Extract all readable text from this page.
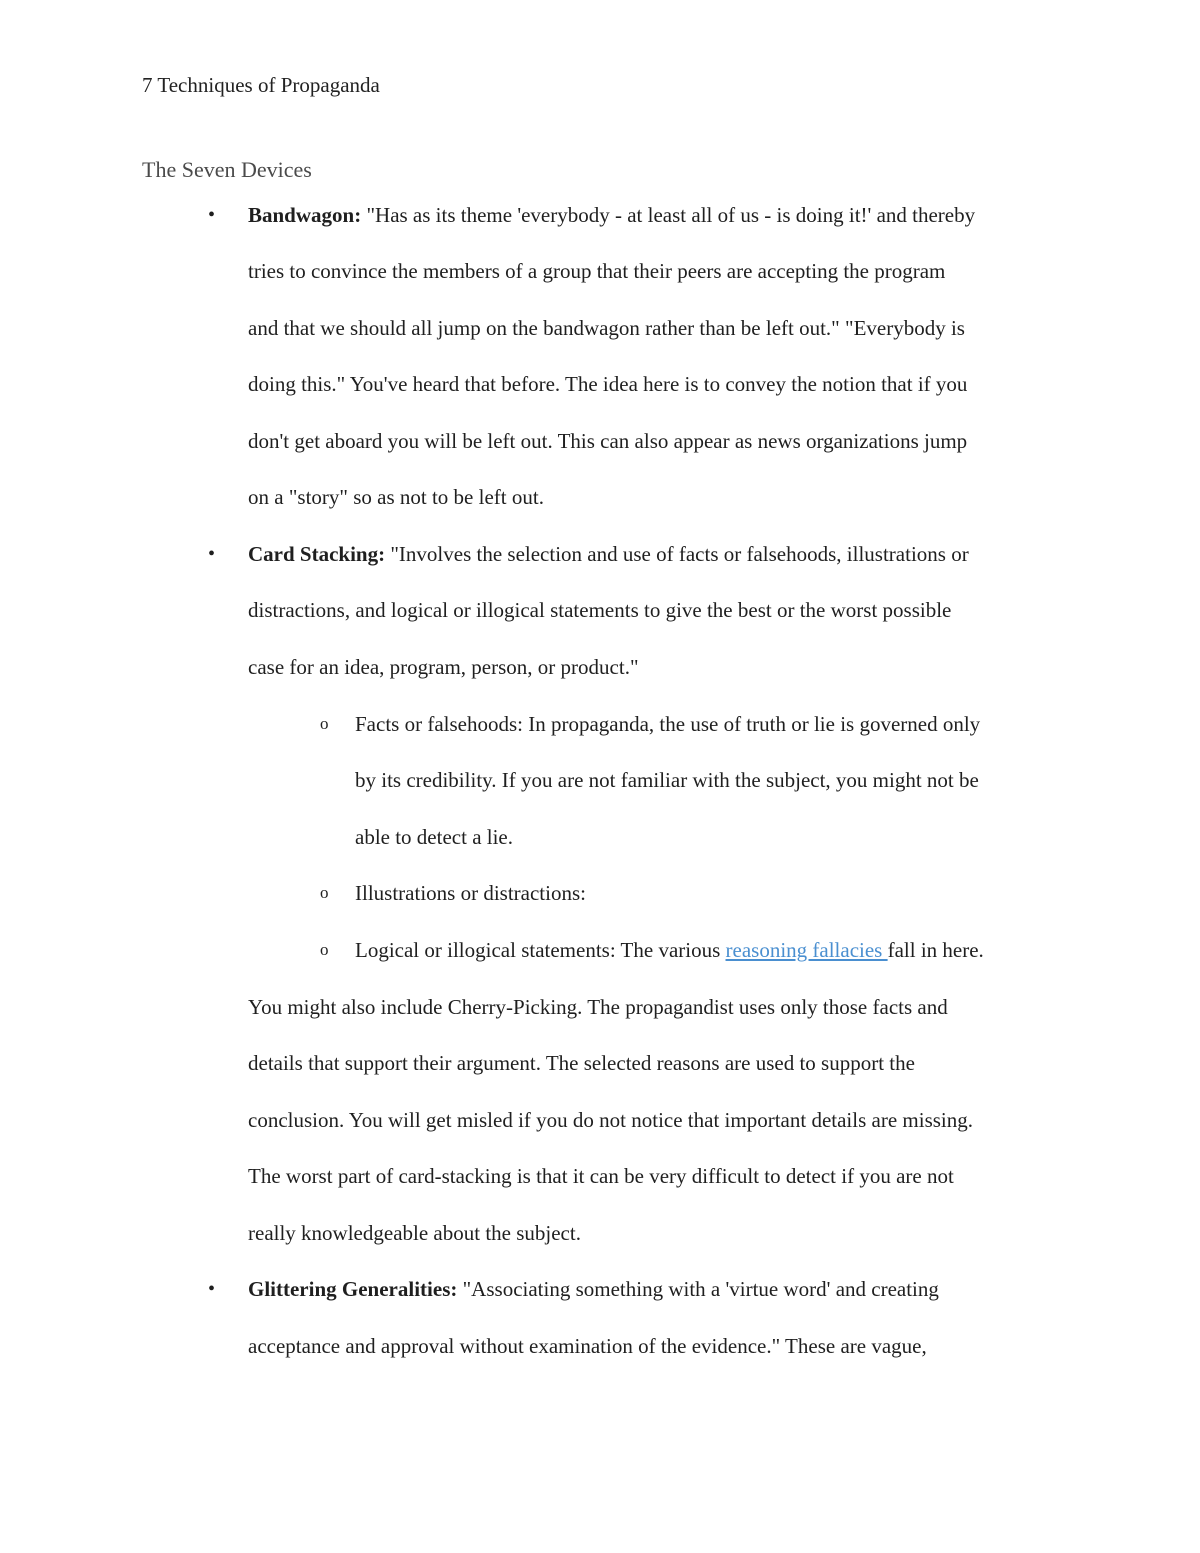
7 Techniques of Propaganda
The Seven Devices
• Bandwagon: "Has as its theme 'everybody - at least all of us - is doing it!' and thereby
tries to convince the members of a group that their peers are accepting the program
and that we should all jump on the bandwagon rather than be left out." "Everybody is
doing this." You've heard that before. The idea here is to convey the notion that if you
don't get aboard you will be left out. This can also appear as news organizations jump
on a "story" so as not to be left out.
• Card Stacking: "Involves the selection and use of facts or falsehoods, illustrations or
distractions, and logical or illogical statements to give the best or the worst possible
case for an idea, program, person, or product."
o Facts or falsehoods: In propaganda, the use of truth or lie is governed only
by its credibility. If you are not familiar with the subject, you might not be
able to detect a lie.
o Illustrations or distractions:
o Logical or illogical statements: The various reasoning fallacies fall in here.
You might also include Cherry-Picking. The propagandist uses only those facts and
details that support their argument. The selected reasons are used to support the
conclusion. You will get misled if you do not notice that important details are missing.
The worst part of card-stacking is that it can be very difficult to detect if you are not
really knowledgeable about the subject.
• Glittering Generalities: "Associating something with a 'virtue word' and creating
acceptance and approval without examination of the evidence." These are vague,
